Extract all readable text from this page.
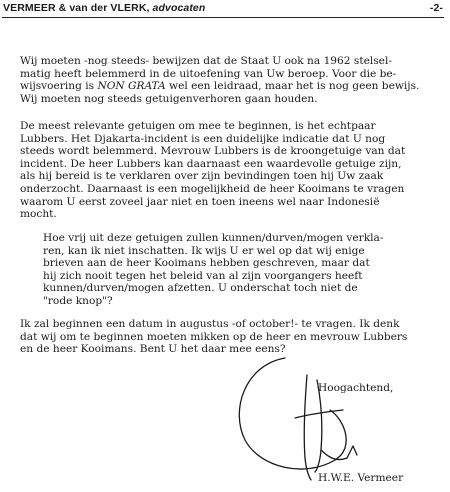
VERMEER & van der VLERK, advocaten	-2-
Wij moeten -nog steeds- bewijzen dat de Staat U ook na 1962 stelsel-
matig heeft belemmerd in de uitoefening van Uw beroep. Voor die be-
wijsvoering is NON GRATA wel een leidraad, maar het is nog geen bewijs.
Wij moeten nog steeds getuigenverhoren gaan houden.
De meest relevante getuigen om mee te beginnen, is het echtpaar
Lubbers. Het Djakarta-incident is een duidelijke indicatie dat U nog
steeds wordt belemmerd. Mevrouw Lubbers is de kroongetuige van dat
incident. De heer Lubbers kan daarnaast een waardevolle getuige zijn,
als hij bereid is te verklaren over zijn bevindingen toen hij Uw zaak
onderzocht. Daarnaast is een mogelijkheid de heer Kooimans te vragen
waarom U eerst zoveel jaar niet en toen ineens wel naar Indonesië
mocht.
Hoe vrij uit deze getuigen zullen kunnen/durven/mogen verkla-
ren, kan ik niet inschatten. Ik wijs U er wel op dat wij enige
brieven aan de heer Kooimans hebben geschreven, maar dat
hij zich nooit tegen het beleid van al zijn voorgangers heeft
kunnen/durven/mogen afzetten. U onderschat toch niet de
"rode knop"?
Ik zal beginnen een datum in augustus -of october!- te vragen. Ik denk
dat wij om te beginnen moeten mikken op de heer en mevrouw Lubbers
en de heer Kooimans. Bent U het daar mee eens?
Hoogachtend,
H.W.E. Vermeer
